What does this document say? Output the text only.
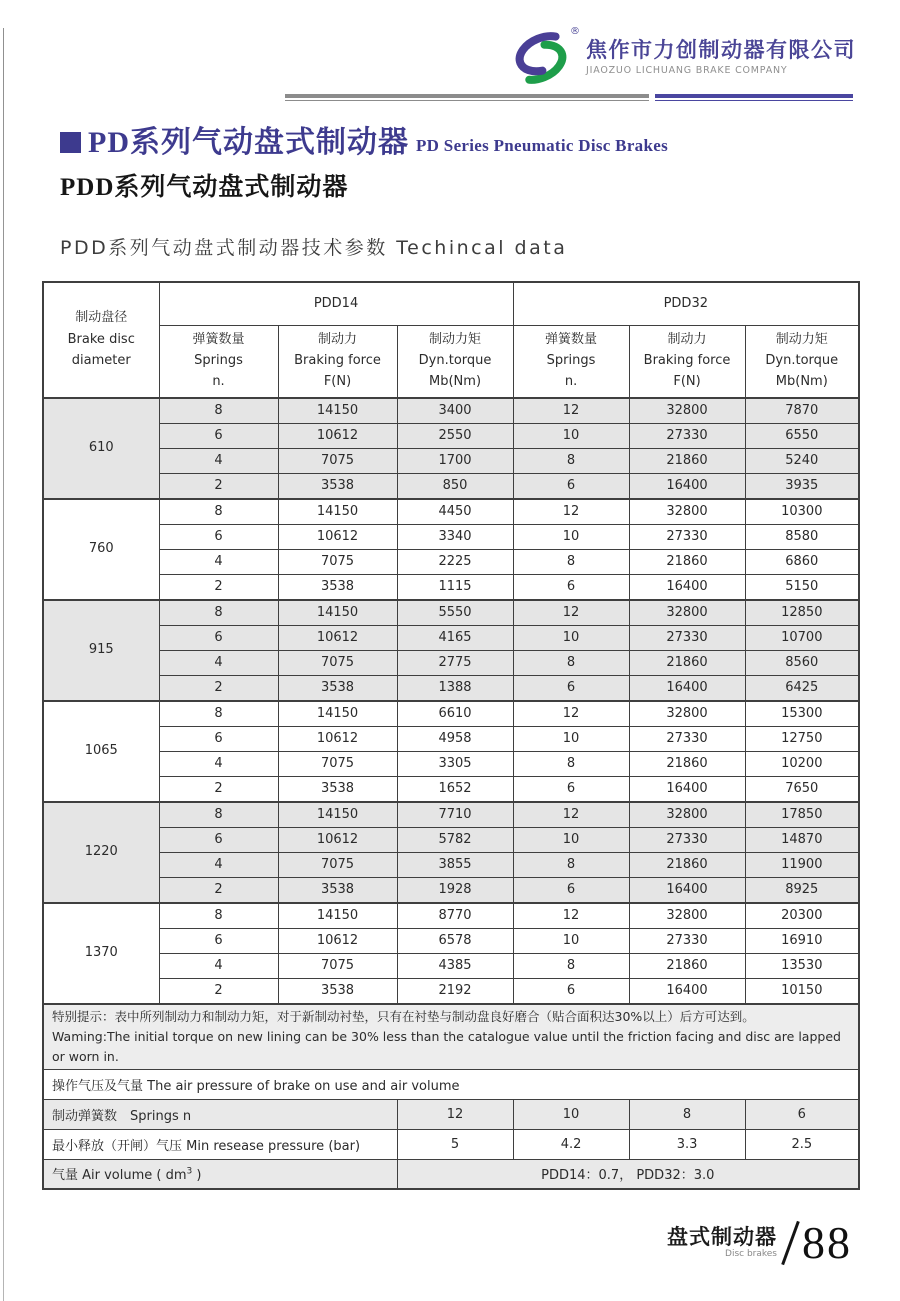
®
焦作市力创制动器有限公司
JIAOZUO LICHUANG BRAKE COMPANY
PD系列气动盘式制动器 PD Series Pneumatic Disc Brakes
PDD系列气动盘式制动器
PDD系列气动盘式制动器技术参数 Techincal data
制动盘径
Brake disc
diameter	PDD14			PDD32		

	弹簧数量
Springs
n.	制动力
Braking force
F(N)	制动力矩
Dyn.torque
Mb(Nm)	弹簧数量
Springs
n.	制动力
Braking force
F(N)	制动力矩
Dyn.torque
Mb(Nm)

610	8	14150	3400	12	32800	7870
	6	10612	2550	10	27330	6550
	4	7075	1700	8	21860	5240
	2	3538	850	6	16400	3935
760	8	14150	4450	12	32800	10300
	6	10612	3340	10	27330	8580
	4	7075	2225	8	21860	6860
	2	3538	1115	6	16400	5150
915	8	14150	5550	12	32800	12850
	6	10612	4165	10	27330	10700
	4	7075	2775	8	21860	8560
	2	3538	1388	6	16400	6425
1065	8	14150	6610	12	32800	15300
	6	10612	4958	10	27330	12750
	4	7075	3305	8	21860	10200
	2	3538	1652	6	16400	7650
1220	8	14150	7710	12	32800	17850
	6	10612	5782	10	27330	14870
	4	7075	3855	8	21860	11900
	2	3538	1928	6	16400	8925
1370	8	14150	8770	12	32800	20300
	6	10612	6578	10	27330	16910
	4	7075	4385	8	21860	13530
	2	3538	2192	6	16400	10150

特别提示：表中所列制动力和制动力矩，对于新制动衬垫，只有在衬垫与制动盘良好磨合（贴合面积达30%以上）后方可达到。
Waming:The initial torque on new lining can be 30% less than the catalogue value until the friction facing and disc are lapped or worn in.						

操作气压及气量 The air pressure of brake on use and air volume						
制动弹簧数　Springs n			12	10	8	6
最小释放（开闸）气压 Min resease pressure (bar)			5	4.2	3.3	2.5
气量 Air volume ( $dm^3$ )			PDD14：0.7， PDD32：3.0			
盘式制动器
Disc brakes 88
